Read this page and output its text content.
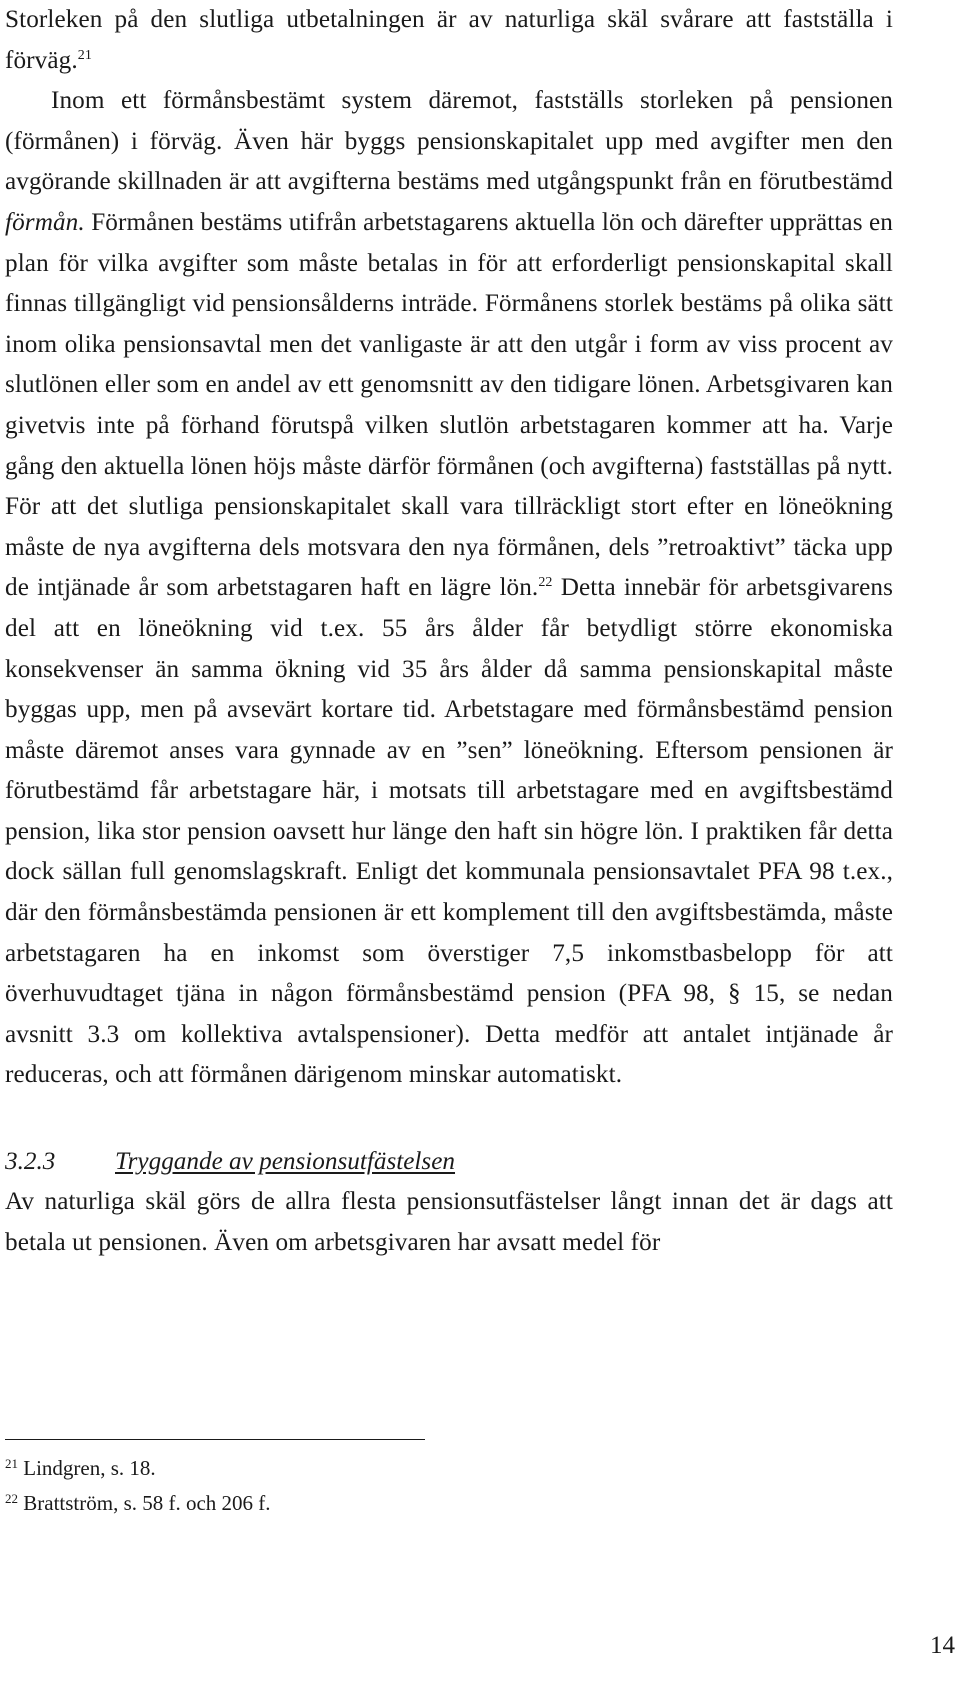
Storleken på den slutliga utbetalningen är av naturliga skäl svårare att fastställa i förväg.$^{21}$

Inom ett förmånsbestämt system däremot, fastställs storleken på pensionen (förmånen) i förväg. Även här byggs pensionskapitalet upp med avgifter men den avgörande skillnaden är att avgifterna bestäms med utgångspunkt från en förutbestämd förmån. Förmånen bestäms utifrån arbetstagarens aktuella lön och därefter upprättas en plan för vilka avgifter som måste betalas in för att erforderligt pensionskapital skall finnas tillgängligt vid pensionsålderns inträde. Förmånens storlek bestäms på olika sätt inom olika pensionsavtal men det vanligaste är att den utgår i form av viss procent av slutlönen eller som en andel av ett genomsnitt av den tidigare lönen. Arbetsgivaren kan givetvis inte på förhand förutspå vilken slutlön arbetstagaren kommer att ha. Varje gång den aktuella lönen höjs måste därför förmånen (och avgifterna) fastställas på nytt. För att det slutliga pensionskapitalet skall vara tillräckligt stort efter en löneökning måste de nya avgifterna dels motsvara den nya förmånen, dels ”retroaktivt” täcka upp de intjänade år som arbetstagaren haft en lägre lön.$^{22}$ Detta innebär för arbetsgivarens del att en löneökning vid t.ex. 55 års ålder får betydligt större ekonomiska konsekvenser än samma ökning vid 35 års ålder då samma pensionskapital måste byggas upp, men på avsevärt kortare tid. Arbetstagare med förmånsbestämd pension måste däremot anses vara gynnade av en ”sen” löneökning. Eftersom pensionen är förutbestämd får arbetstagare här, i motsats till arbetstagare med en avgiftsbestämd pension, lika stor pension oavsett hur länge den haft sin högre lön. I praktiken får detta dock sällan full genomslagskraft. Enligt det kommunala pensionsavtalet PFA 98 t.ex., där den förmånsbestämda pensionen är ett komplement till den avgiftsbestämda, måste arbetstagaren ha en inkomst som överstiger 7,5 inkomstbasbelopp för att överhuvudtaget tjäna in någon förmånsbestämd pension (PFA 98, § 15, se nedan avsnitt 3.3 om kollektiva avtalspensioner). Detta medför att antalet intjänade år reduceras, och att förmånen därigenom minskar automatiskt.

3.2.3	Tryggande av pensionsutfästelsen

Av naturliga skäl görs de allra flesta pensionsutfästelser långt innan det är dags att betala ut pensionen. Även om arbetsgivaren har avsatt medel för

$^{21}$ Lindgren, s. 18.
$^{22}$ Brattström, s. 58 f. och 206 f.
14
